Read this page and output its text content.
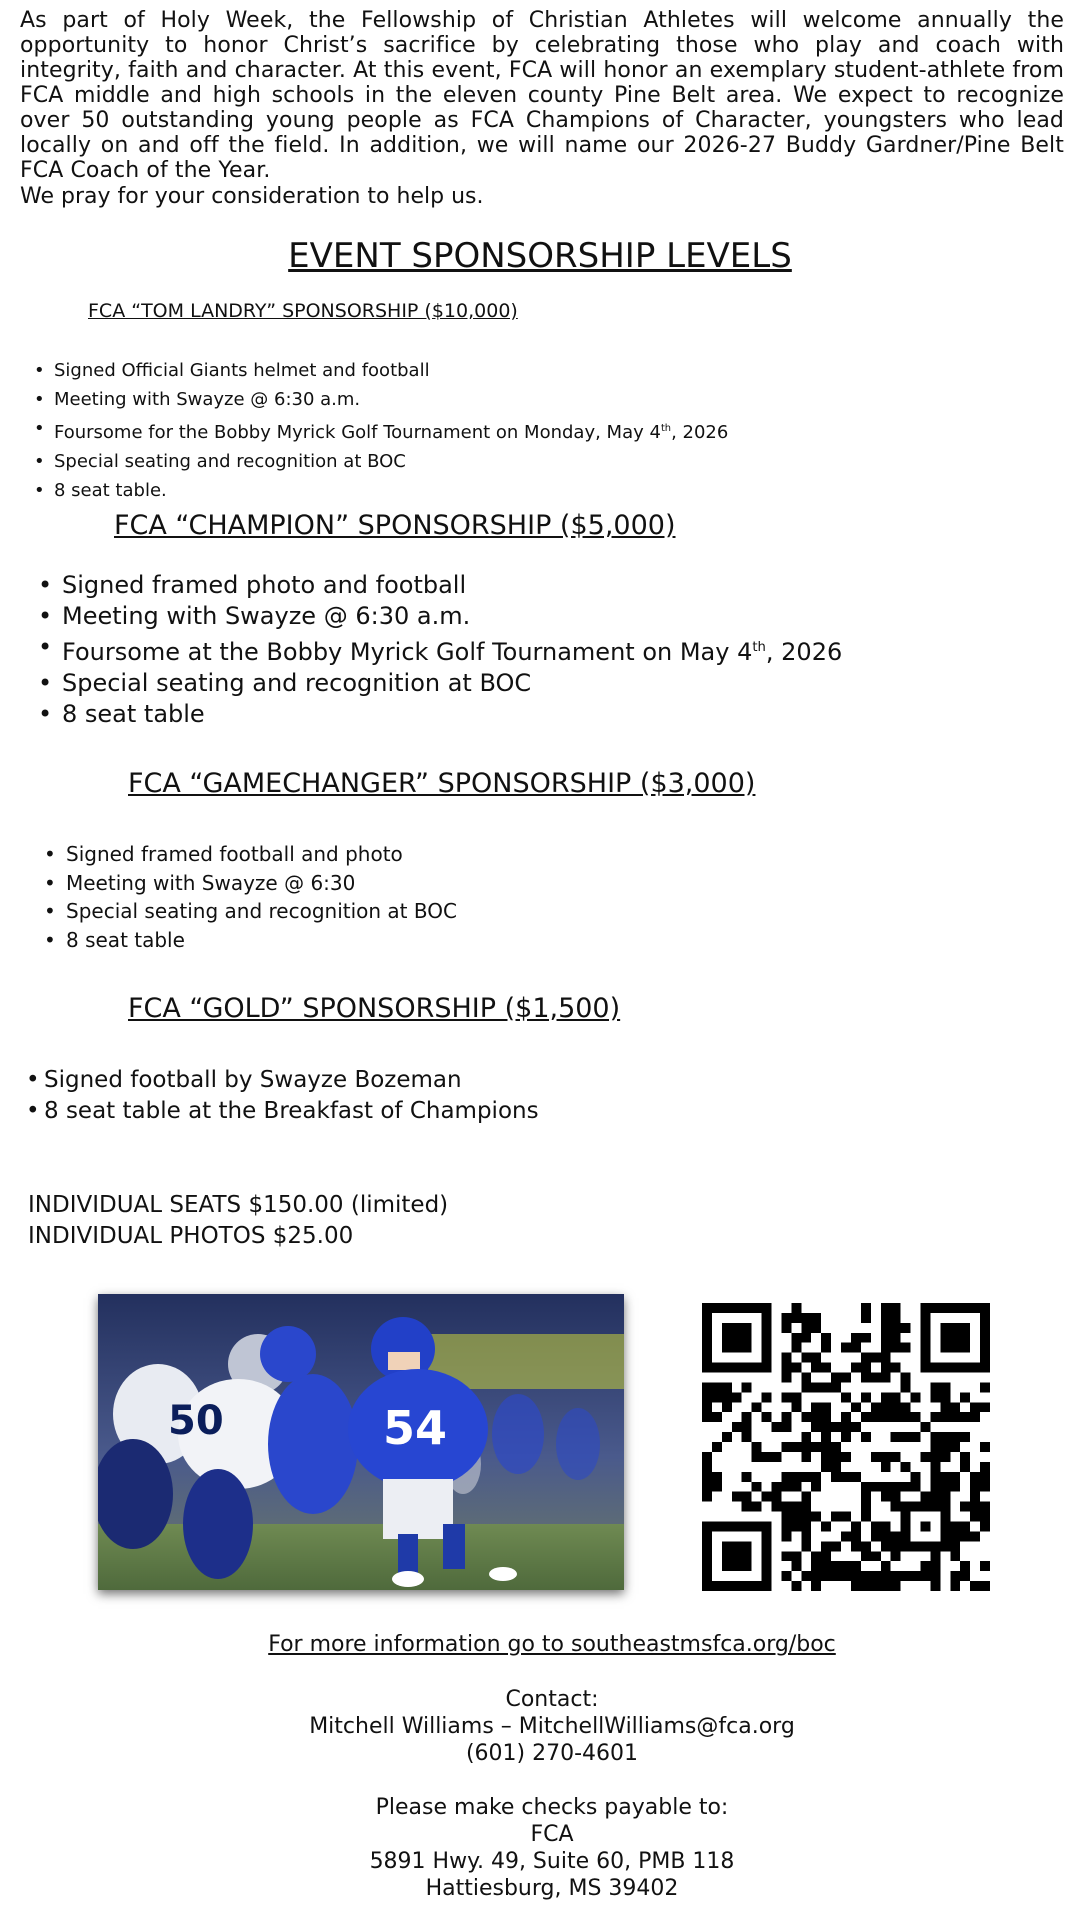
As part of Holy Week, the Fellowship of Christian Athletes will welcome annually the opportunity to honor Christ’s sacrifice by celebrating those who play and coach with integrity, faith and character. At this event, FCA will honor an exemplary student-athlete from FCA middle and high schools in the eleven county Pine Belt area. We expect to recognize over 50 outstanding young people as FCA Champions of Character, youngsters who lead locally on and off the field. In addition, we will name our 2026-27 Buddy Gardner/Pine Belt FCA Coach of the Year.

We pray for your consideration to help us.

EVENT SPONSORSHIP LEVELS
FCA “TOM LANDRY” SPONSORSHIP ($10,000)
• Signed Official Giants helmet and football
• Meeting with Swayze @ 6:30 a.m.
• Foursome for the Bobby Myrick Golf Tournament on Monday, May 4th, 2026
• Special seating and recognition at BOC
• 8 seat table.
FCA “CHAMPION” SPONSORSHIP ($5,000)
• Signed framed photo and football
• Meeting with Swayze @ 6:30 a.m.
• Foursome at the Bobby Myrick Golf Tournament on May 4th, 2026
• Special seating and recognition at BOC
• 8 seat table
FCA “GAMECHANGER” SPONSORSHIP ($3,000)
• Signed framed football and photo
• Meeting with Swayze @ 6:30
• Special seating and recognition at BOC
• 8 seat table
FCA “GOLD” SPONSORSHIP ($1,500)
• Signed football by Swayze Bozeman
• 8 seat table at the Breakfast of Champions
INDIVIDUAL SEATS $150.00 (limited)
INDIVIDUAL PHOTOS $25.00
50	54

For more information go to southeastmsfca.org/boc

Contact:
Mitchell Williams – MitchellWilliams@fca.org
(601) 270-4601
Please make checks payable to:
FCA
5891 Hwy. 49, Suite 60, PMB 118
Hattiesburg, MS 39402
